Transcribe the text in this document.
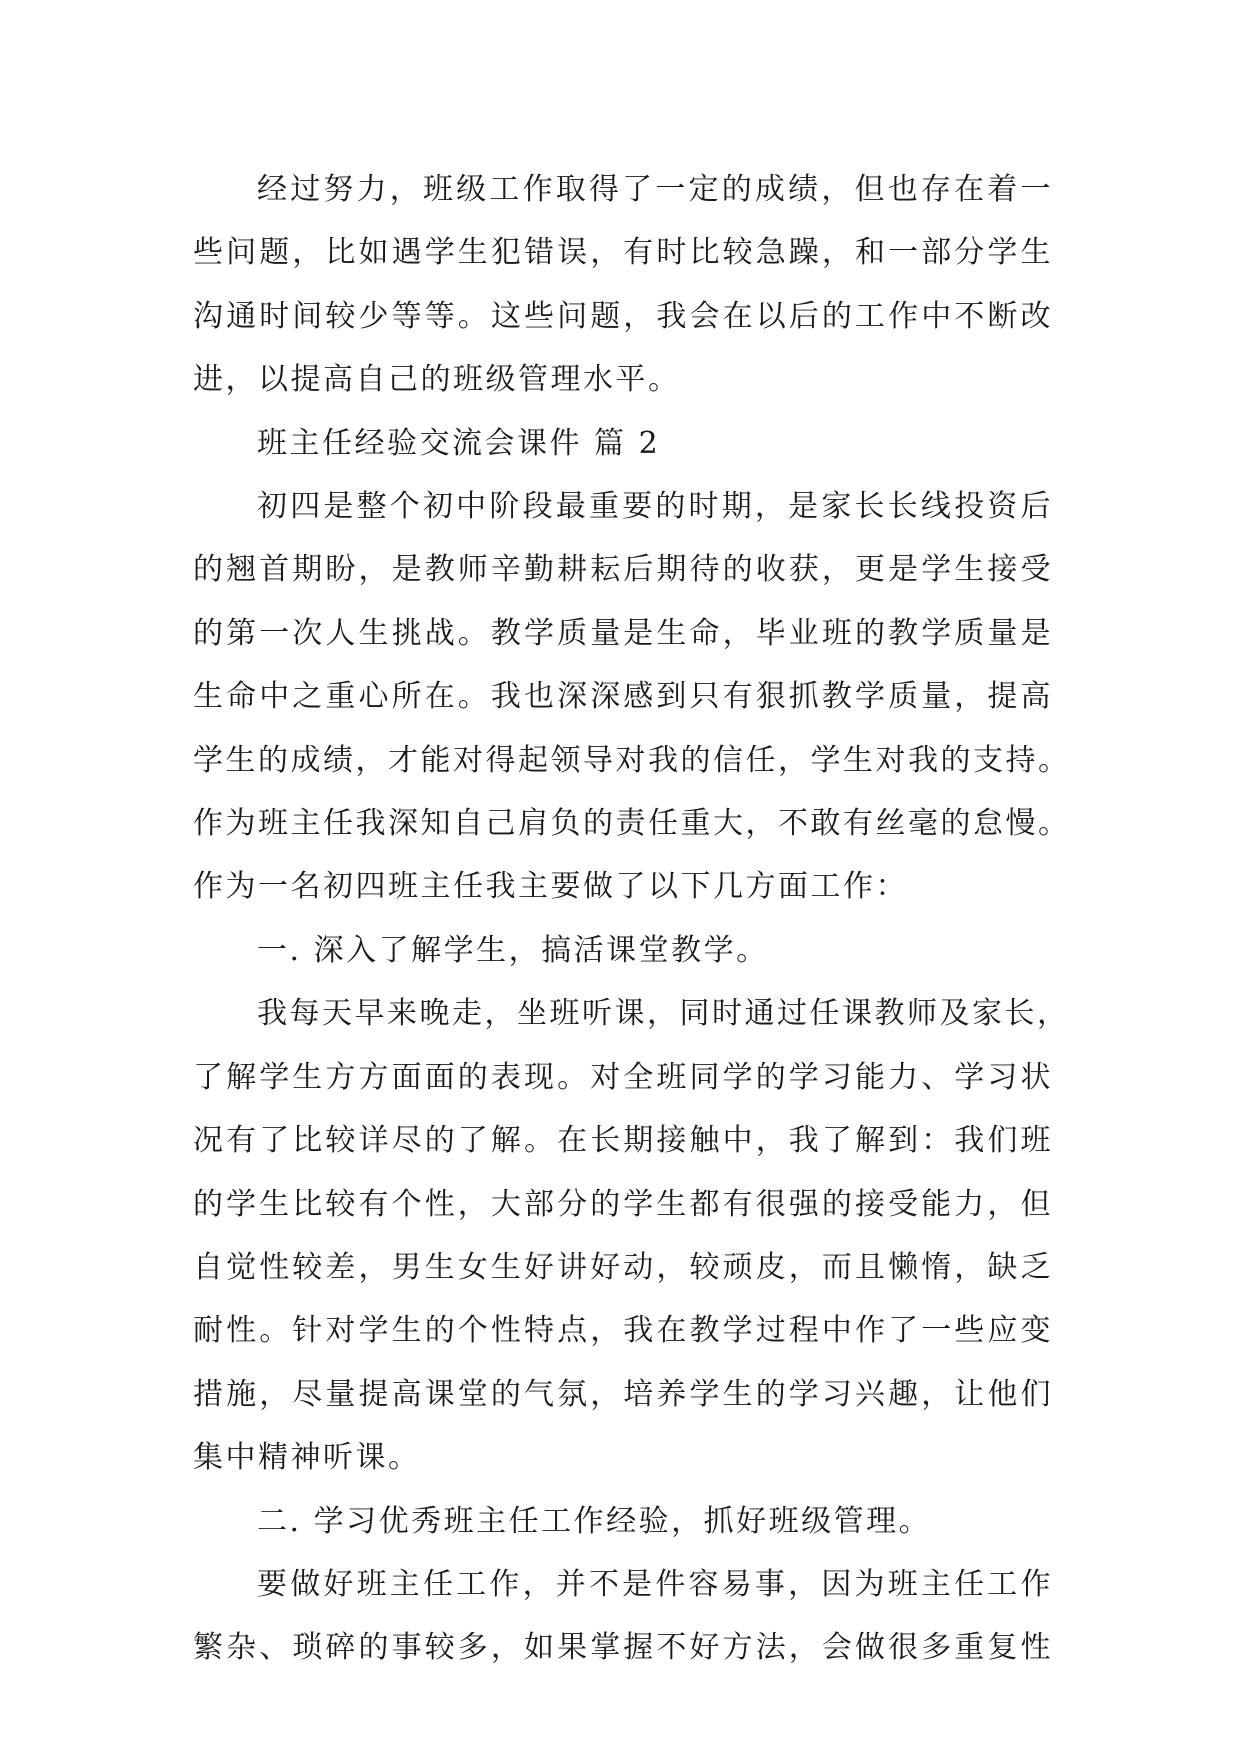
经过努力，班级工作取得了一定的成绩，但也存在着一
些问题，比如遇学生犯错误，有时比较急躁，和一部分学生
沟通时间较少等等。这些问题，我会在以后的工作中不断改
进，以提高自己的班级管理水平。
班主任经验交流会课件 篇 2
初四是整个初中阶段最重要的时期，是家长长线投资后
的翘首期盼，是教师辛勤耕耘后期待的收获，更是学生接受
的第一次人生挑战。教学质量是生命，毕业班的教学质量是
生命中之重心所在。我也深深感到只有狠抓教学质量，提高
学生的成绩，才能对得起领导对我的信任，学生对我的支持。
作为班主任我深知自己肩负的责任重大，不敢有丝毫的怠慢。
作为一名初四班主任我主要做了以下几方面工作：
一. 深入了解学生，搞活课堂教学。
我每天早来晚走，坐班听课，同时通过任课教师及家长，
了解学生方方面面的表现。对全班同学的学习能力、学习状
况有了比较详尽的了解。在长期接触中，我了解到：我们班
的学生比较有个性，大部分的学生都有很强的接受能力，但
自觉性较差，男生女生好讲好动，较顽皮，而且懒惰，缺乏
耐性。针对学生的个性特点，我在教学过程中作了一些应变
措施，尽量提高课堂的气氛，培养学生的学习兴趣，让他们
集中精神听课。
二. 学习优秀班主任工作经验，抓好班级管理。
要做好班主任工作，并不是件容易事，因为班主任工作
繁杂、琐碎的事较多，如果掌握不好方法，会做很多重复性
